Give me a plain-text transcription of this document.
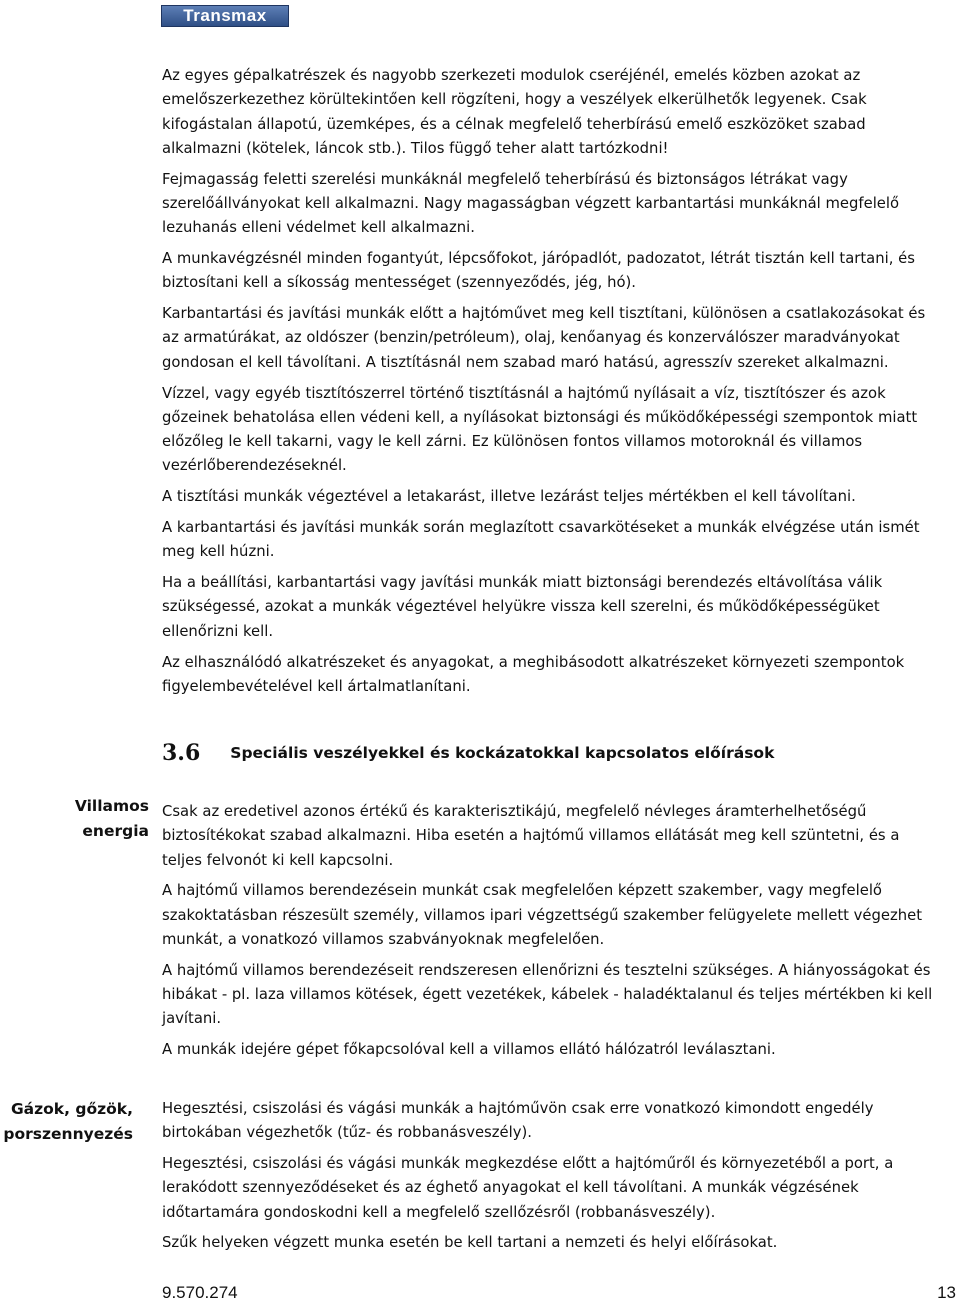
Transmax

Az egyes gépalkatrészek és nagyobb szerkezeti modulok cseréjénél, emelés közben azokat az emelőszerkezethez körültekintően kell rögzíteni, hogy a veszélyek elkerülhetők legyenek. Csak kifogástalan állapotú, üzemképes, és a célnak megfelelő teherbírású emelő eszközöket szabad alkalmazni (kötelek, láncok stb.). Tilos függő teher alatt tartózkodni!

Fejmagasság feletti szerelési munkáknál megfelelő teherbírású és biztonságos létrákat vagy szerelőállványokat kell alkalmazni. Nagy magasságban végzett karbantartási munkáknál megfelelő lezuhanás elleni védelmet kell alkalmazni.

A munkavégzésnél minden fogantyút, lépcsőfokot, járópadlót, padozatot, létrát tisztán kell tartani, és biztosítani kell a síkosság mentességet (szennyeződés, jég, hó).

Karbantartási és javítási munkák előtt a hajtóművet meg kell tisztítani, különösen a csatlakozásokat és az armatúrákat, az oldószer (benzin/petróleum), olaj, kenőanyag és konzerválószer maradványokat gondosan el kell távolítani. A tisztításnál nem szabad maró hatású, agresszív szereket alkalmazni.

Vízzel, vagy egyéb tisztítószerrel történő tisztításnál a hajtómű nyílásait a víz, tisztítószer és azok gőzeinek behatolása ellen védeni kell, a nyílásokat biztonsági és működőképességi szempontok miatt előzőleg le kell takarni, vagy le kell zárni. Ez különösen fontos villamos motoroknál és villamos vezérlőberendezéseknél.

A tisztítási munkák végeztével a letakarást, illetve lezárást teljes mértékben el kell távolítani.

A karbantartási és javítási munkák során meglazított csavarkötéseket a munkák elvégzése után ismét meg kell húzni.

Ha a beállítási, karbantartási vagy javítási munkák miatt biztonsági berendezés eltávolítása válik szükségessé, azokat a munkák végeztével helyükre vissza kell szerelni, és működőképességüket ellenőrizni kell.

Az elhasználódó alkatrészeket és anyagokat, a meghibásodott alkatrészeket környezeti szempontok figyelembevételével kell ártalmatlanítani.

3.6 Speciális veszélyekkel és kockázatokkal kapcsolatos előírások
Villamos
energia

Csak az eredetivel azonos értékű és karakterisztikájú, megfelelő névleges áramterhelhetőségű biztosítékokat szabad alkalmazni. Hiba esetén a hajtómű villamos ellátását meg kell szüntetni, és a teljes felvonót ki kell kapcsolni.

A hajtómű villamos berendezésein munkát csak megfelelően képzett szakember, vagy megfelelő szakoktatásban részesült személy, villamos ipari végzettségű szakember felügyelete mellett végezhet munkát, a vonatkozó villamos szabványoknak megfelelően.

A hajtómű villamos berendezéseit rendszeresen ellenőrizni és tesztelni szükséges. A hiányosságokat és hibákat - pl. laza villamos kötések, égett vezetékek, kábelek - haladéktalanul és teljes mértékben ki kell javítani.

A munkák idejére gépet főkapcsolóval kell a villamos ellátó hálózatról leválasztani.

Gázok, gőzök,
porszennyezés

Hegesztési, csiszolási és vágási munkák a hajtóművön csak erre vonatkozó kimondott engedély birtokában végezhetők (tűz- és robbanásveszély).

Hegesztési, csiszolási és vágási munkák megkezdése előtt a hajtóműről és környezetéből a port, a lerakódott szennyeződéseket és az éghető anyagokat el kell távolítani. A munkák végzésének időtartamára gondoskodni kell a megfelelő szellőzésről (robbanásveszély).

Szűk helyeken végzett munka esetén be kell tartani a nemzeti és helyi előírásokat.

9.570.274	13
